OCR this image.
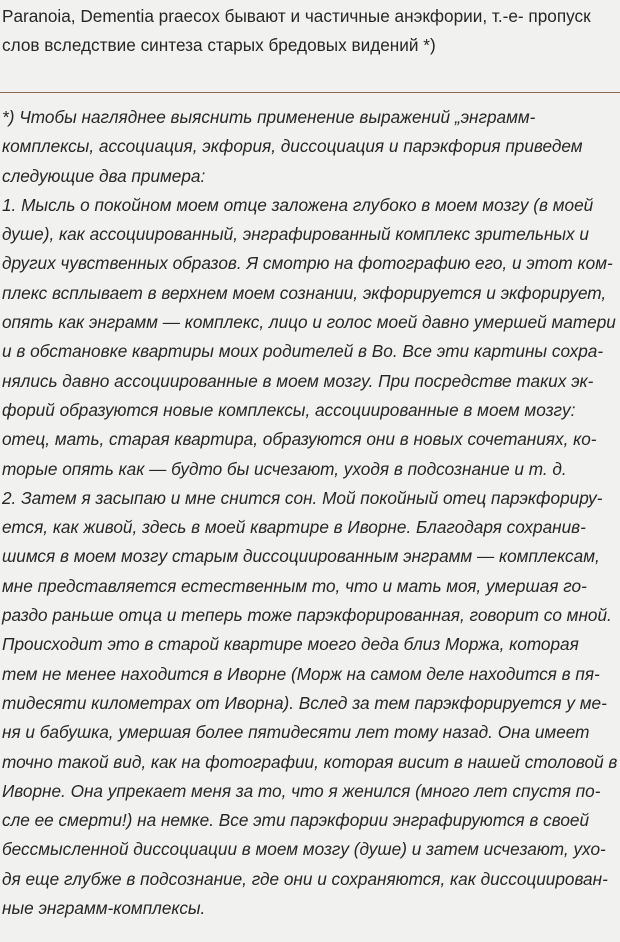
Paranoia, Dementia praecox бывают и частичные анэкфории, т.-е- пропуск
слов вследствие синтеза старых бредовых видений *)
*) Чтобы нагляднее выяснить применение выражений „энграмм-
комплексы, ассоциация, экфория, диссоциация и парэкфория приведем
следующие два примера:
1. Мысль о покойном моем отце заложена глубоко в моем мозгу (в моей
душе), как ассоциированный, энграфированный комплекс зрительных и
других чувственных образов. Я смотрю на фотографию его, и этот ком-
плекс всплывает в верхнем моем сознании, экфорируется и экфорирует,
опять как энграмм — комплекс, лицо и голос моей давно умершей матери
и в обстановке квартиры моих родителей в Во. Все эти картины сохра-
нялись давно ассоциированные в моем мозгу. При посредстве таких эк-
форий образуются новые комплексы, ассоциированные в моем мозгу:
отец, мать, старая квартира, образуются они в новых сочетаниях, ко-
торые опять как — будто бы исчезают, уходя в подсознание и т. д.
2. Затем я засыпаю и мне снится сон. Мой покойный отец парэкфориру-
ется, как живой, здесь в моей квартире в Иворне. Благодаря сохранив-
шимся в моем мозгу старым диссоциированным энграмм — комплексам,
мне представляется естественным то, что и мать моя, умершая го-
раздо раньше отца и теперь тоже парэкфорированная, говорит со мной.
Происходит это в старой квартире моего деда близ Моржа, которая
тем не менее находится в Иворне (Морж на самом деле находится в пя-
тидесяти километрах от Иворна). Вслед за тем парэкфорируется у ме-
ня и бабушка, умершая более пятидесяти лет тому назад. Она имеет
точно такой вид, как на фотографии, которая висит в нашей столовой в
Иворне. Она упрекает меня за то, что я женился (много лет спустя по-
сле ее смерти!) на немке. Все эти парэкфории энграфируются в своей
бессмысленной диссоциации в моем мозгу (душе) и затем исчезают, ухо-
дя еще глубже в подсознание, где они и сохраняются, как диссоциирован-
ные энграмм-комплексы.
